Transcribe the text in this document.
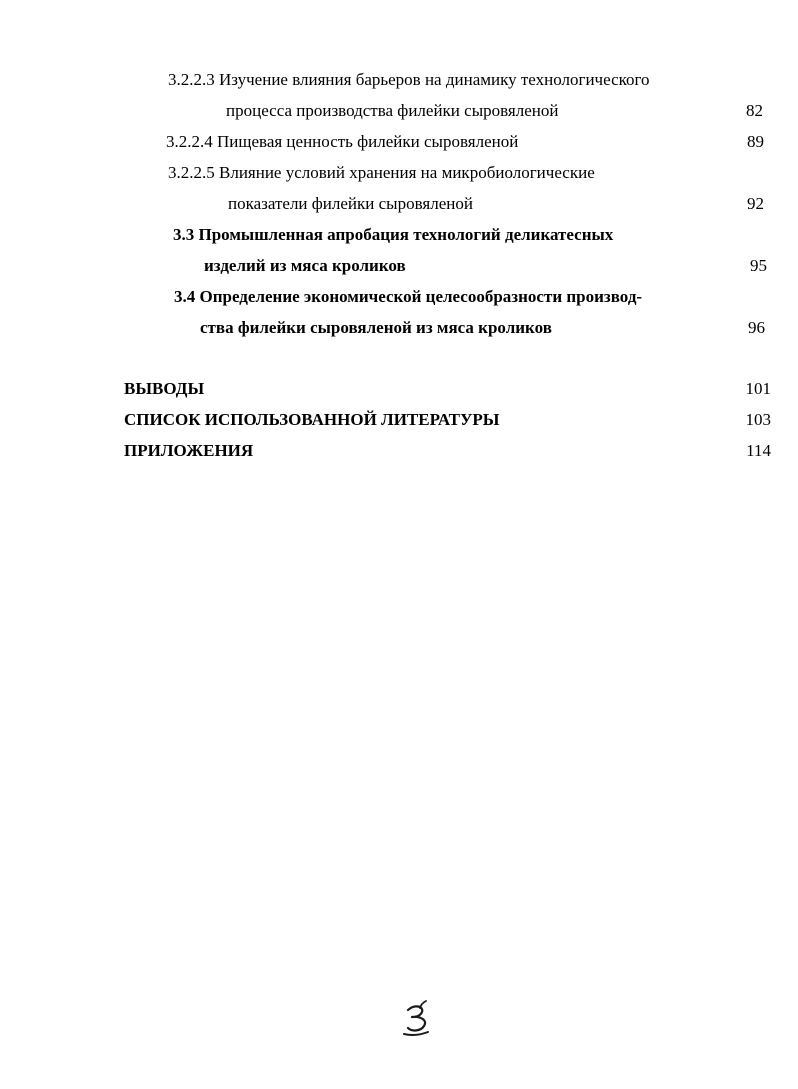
3.2.2.3 Изучение влияния барьеров на динамику технологического
процесса производства филейки сыровяленой	82
3.2.2.4 Пищевая ценность филейки сыровяленой	89
3.2.2.5 Влияние условий хранения на микробиологические
показатели филейки сыровяленой	92
3.3 Промышленная апробация технологий деликатесных
изделий из мяса кроликов	95
3.4 Определение экономической целесообразности производ-
ства филейки сыровяленой из мяса кроликов	96
ВЫВОДЫ	101
СПИСОК ИСПОЛЬЗОВАННОЙ ЛИТЕРАТУРЫ	103
ПРИЛОЖЕНИЯ	114
